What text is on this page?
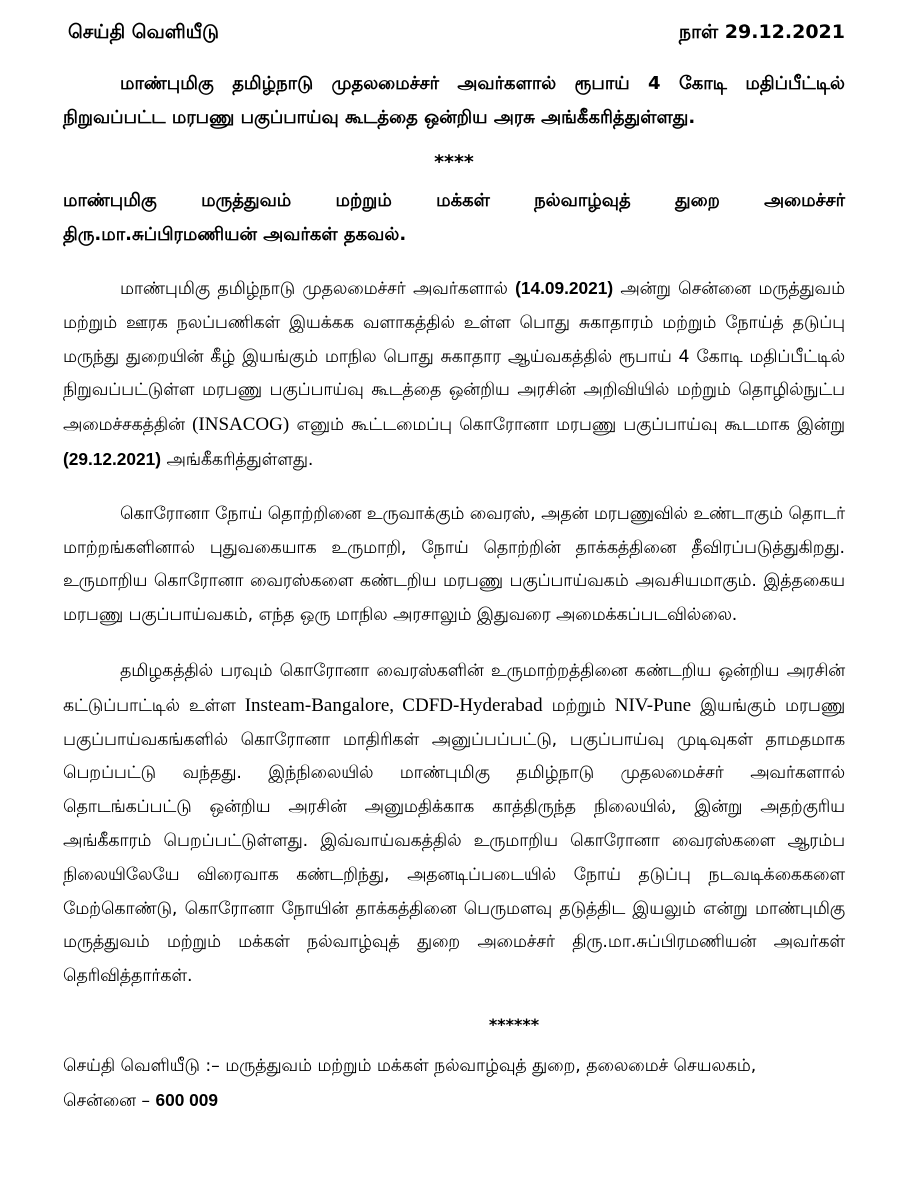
செய்தி வெளியீடு	நாள் 29.12.2021
மாண்புமிகு தமிழ்நாடு முதலமைச்சர் அவர்களால் ரூபாய் 4 கோடி மதிப்பீட்டில் நிறுவப்பட்ட மரபணு பகுப்பாய்வு கூடத்தை ஒன்றிய அரசு அங்கீகரித்துள்ளது.
****
மாண்புமிகு மருத்துவம் மற்றும் மக்கள் நல்வாழ்வுத் துறை அமைச்சர்
திரு.மா.சுப்பிரமணியன் அவர்கள் தகவல்.
மாண்புமிகு தமிழ்நாடு முதலமைச்சர் அவர்களால் (14.09.2021) அன்று சென்னை மருத்துவம் மற்றும் ஊரக நலப்பணிகள் இயக்கக வளாகத்தில் உள்ள பொது சுகாதாரம் மற்றும் நோய்த் தடுப்பு மருந்து துறையின் கீழ் இயங்கும் மாநில பொது சுகாதார ஆய்வகத்தில் ரூபாய் 4 கோடி மதிப்பீட்டில் நிறுவப்பட்டுள்ள மரபணு பகுப்பாய்வு கூடத்தை ஒன்றிய அரசின் அறிவியில் மற்றும் தொழில்நுட்ப அமைச்சகத்தின் (INSACOG) எனும் கூட்டமைப்பு கொரோனா மரபணு பகுப்பாய்வு கூடமாக இன்று (29.12.2021) அங்கீகரித்துள்ளது.
கொரோனா நோய் தொற்றினை உருவாக்கும் வைரஸ், அதன் மரபணுவில் உண்டாகும் தொடர் மாற்றங்களினால் புதுவகையாக உருமாறி, நோய் தொற்றின் தாக்கத்தினை தீவிரப்படுத்துகிறது. உருமாறிய கொரோனா வைரஸ்களை கண்டறிய மரபணு பகுப்பாய்வகம் அவசியமாகும். இத்தகைய மரபணு பகுப்பாய்வகம், எந்த ஒரு மாநில அரசாலும் இதுவரை அமைக்கப்படவில்லை.
தமிழகத்தில் பரவும் கொரோனா வைரஸ்களின் உருமாற்றத்தினை கண்டறிய ஒன்றிய அரசின் கட்டுப்பாட்டில் உள்ள Insteam-Bangalore, CDFD-Hyderabad மற்றும் NIV-Pune இயங்கும் மரபணு பகுப்பாய்வகங்களில் கொரோனா மாதிரிகள் அனுப்பப்பட்டு, பகுப்பாய்வு முடிவுகள் தாமதமாக பெறப்பட்டு வந்தது. இந்நிலையில் மாண்புமிகு தமிழ்நாடு முதலமைச்சர் அவர்களால் தொடங்கப்பட்டு ஒன்றிய அரசின் அனுமதிக்காக காத்திருந்த நிலையில், இன்று அதற்குரிய அங்கீகாரம் பெறப்பட்டுள்ளது. இவ்வாய்வகத்தில் உருமாறிய கொரோனா வைரஸ்களை ஆரம்ப நிலையிலேயே விரைவாக கண்டறிந்து, அதனடிப்படையில் நோய் தடுப்பு நடவடிக்கைகளை மேற்கொண்டு, கொரோனா நோயின் தாக்கத்தினை பெருமளவு தடுத்திட இயலும் என்று மாண்புமிகு மருத்துவம் மற்றும் மக்கள் நல்வாழ்வுத் துறை அமைச்சர் திரு.மா.சுப்பிரமணியன் அவர்கள் தெரிவித்தார்கள்.
******
செய்தி வெளியீடு :– மருத்துவம் மற்றும் மக்கள் நல்வாழ்வுத் துறை, தலைமைச் செயலகம்,
சென்னை – 600 009
